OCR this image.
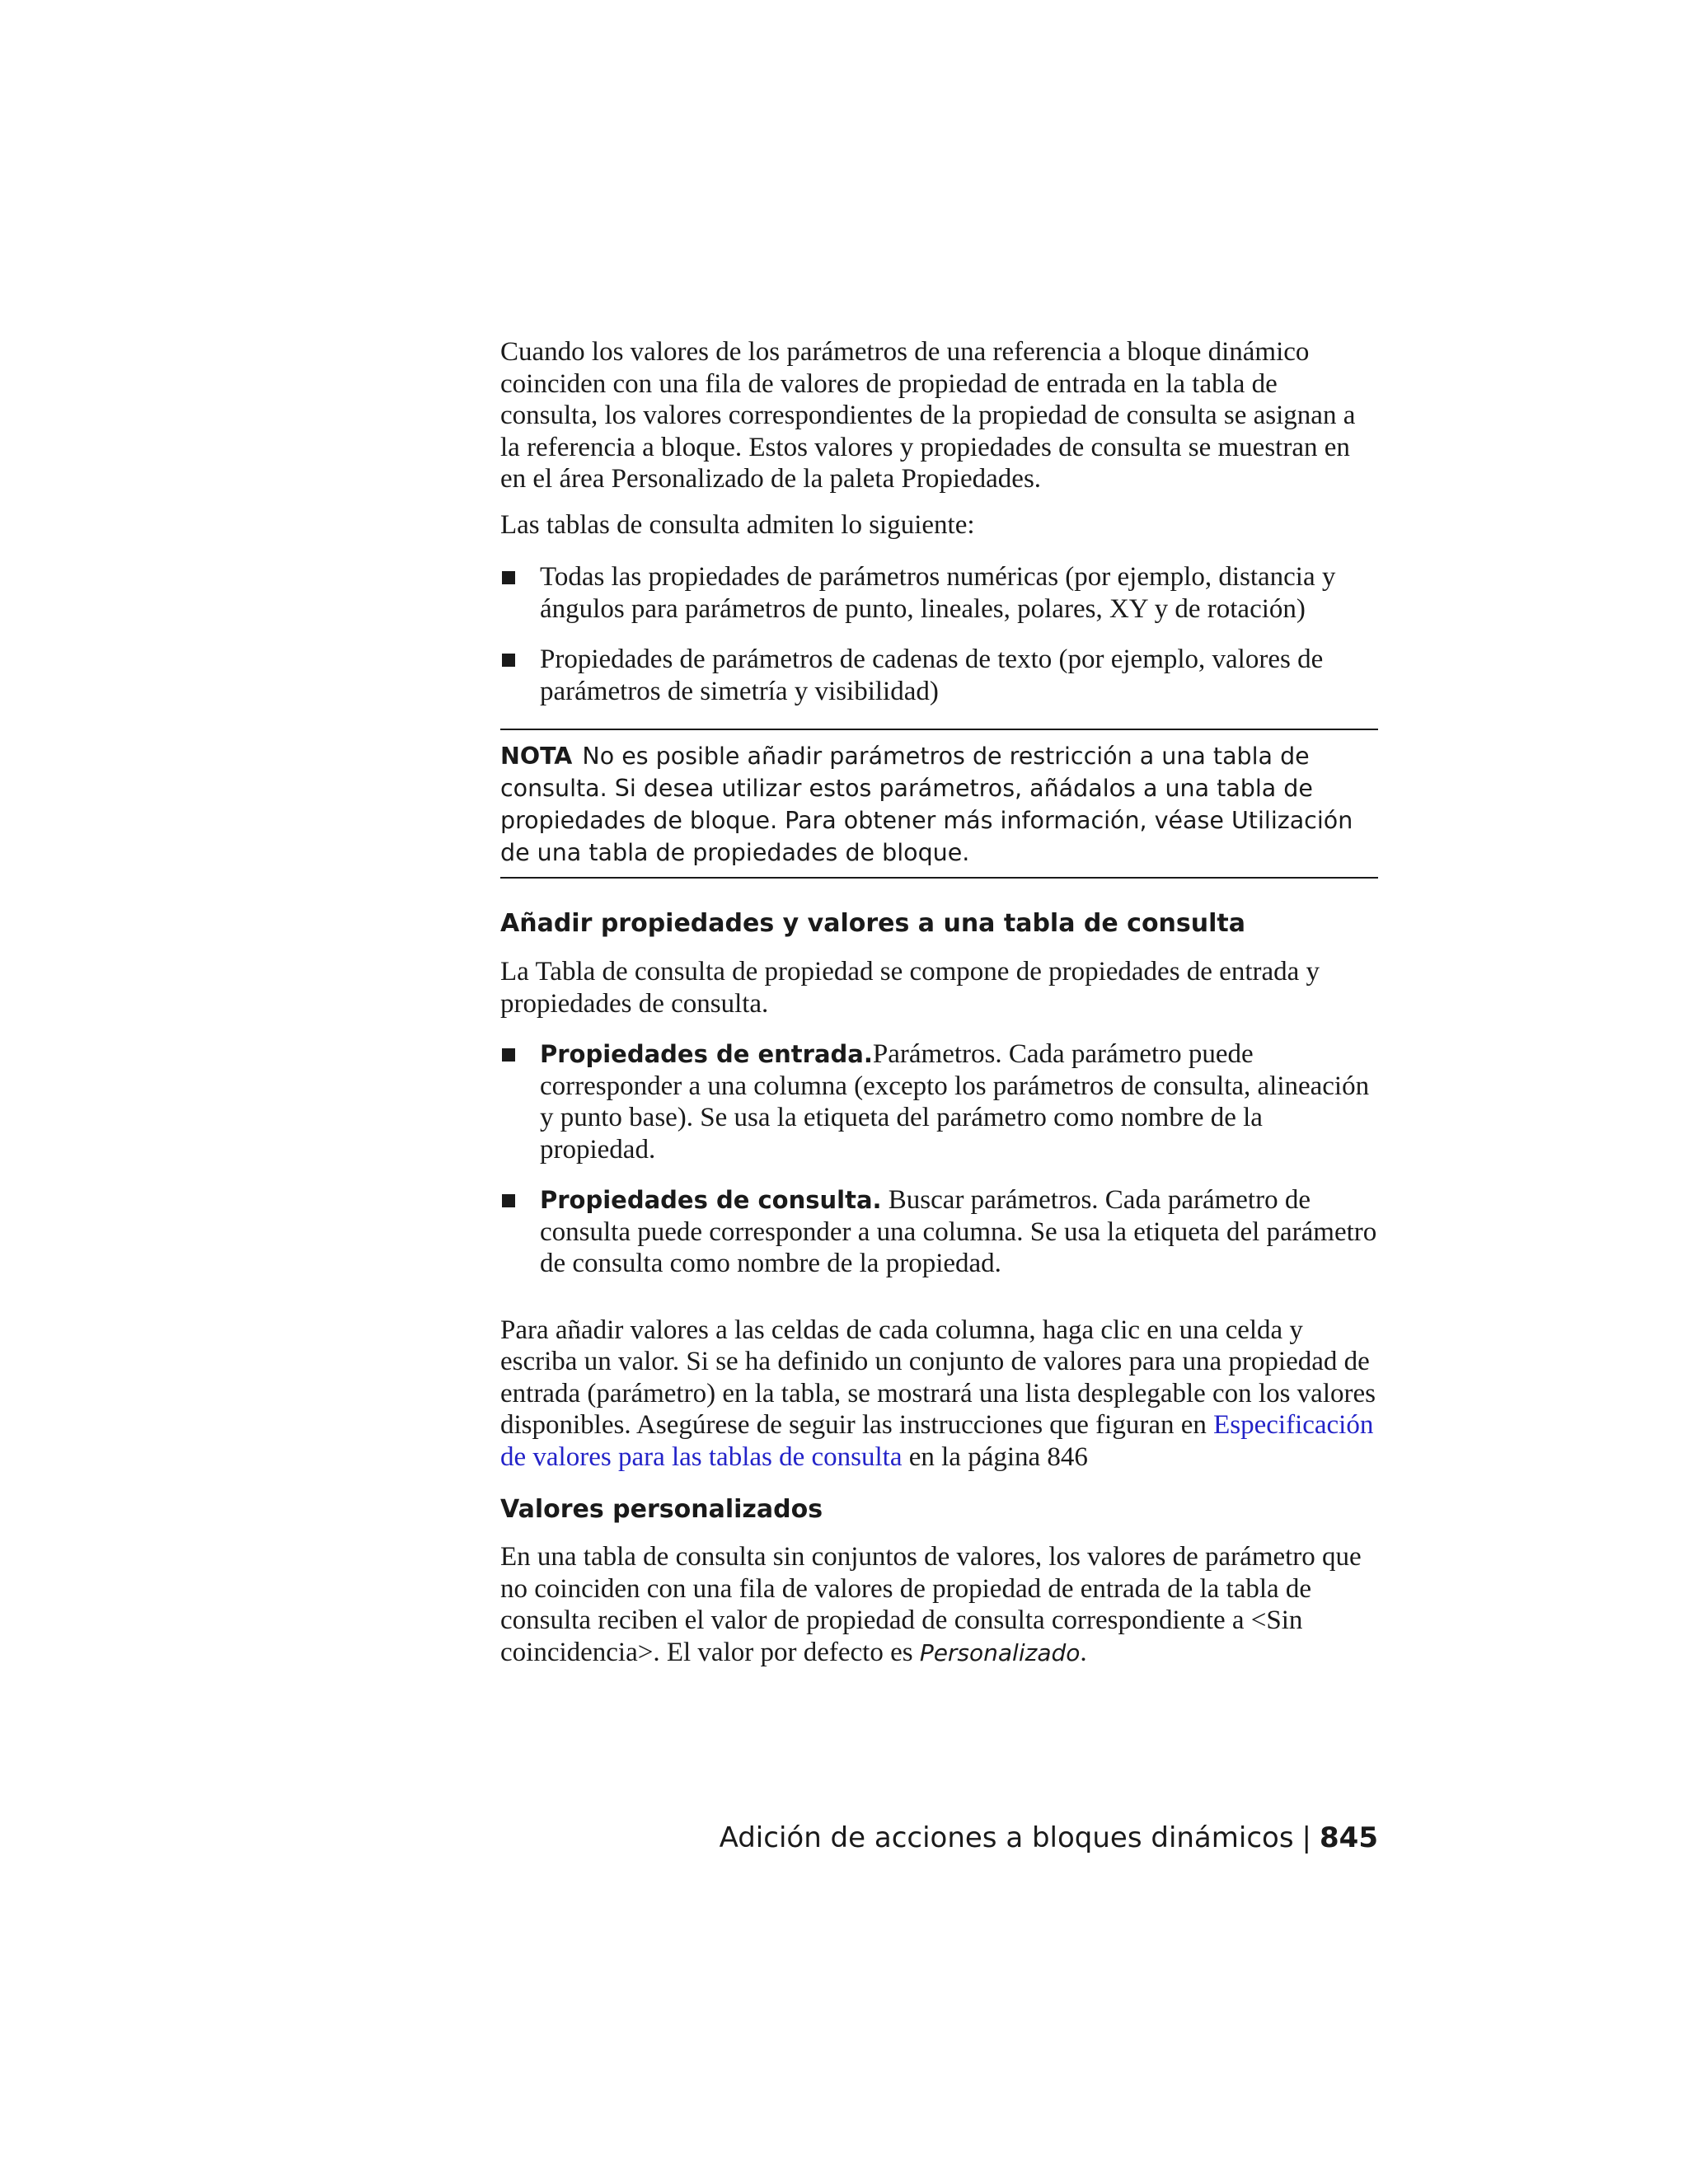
Cuando los valores de los parámetros de una referencia a bloque dinámico coinciden con una fila de valores de propiedad de entrada en la tabla de consulta, los valores correspondientes de la propiedad de consulta se asignan a la referencia a bloque. Estos valores y propiedades de consulta se muestran en en el área Personalizado de la paleta Propiedades.

Las tablas de consulta admiten lo siguiente:

Todas las propiedades de parámetros numéricas (por ejemplo, distancia y ángulos para parámetros de punto, lineales, polares, XY y de rotación)
Propiedades de parámetros de cadenas de texto (por ejemplo, valores de parámetros de simetría y visibilidad)
NOTA No es posible añadir parámetros de restricción a una tabla de consulta. Si desea utilizar estos parámetros, añádalos a una tabla de propiedades de bloque. Para obtener más información, véase Utilización de una tabla de propiedades de bloque.
Añadir propiedades y valores a una tabla de consulta

La Tabla de consulta de propiedad se compone de propiedades de entrada y propiedades de consulta.

Propiedades de entrada.Parámetros. Cada parámetro puede corresponder a una columna (excepto los parámetros de consulta, alineación y punto base). Se usa la etiqueta del parámetro como nombre de la propiedad.
Propiedades de consulta. Buscar parámetros. Cada parámetro de consulta puede corresponder a una columna. Se usa la etiqueta del parámetro de consulta como nombre de la propiedad.

Para añadir valores a las celdas de cada columna, haga clic en una celda y escriba un valor. Si se ha definido un conjunto de valores para una propiedad de entrada (parámetro) en la tabla, se mostrará una lista desplegable con los valores disponibles. Asegúrese de seguir las instrucciones que figuran en Especificación de valores para las tablas de consulta en la página 846

Valores personalizados

En una tabla de consulta sin conjuntos de valores, los valores de parámetro que no coinciden con una fila de valores de propiedad de entrada de la tabla de consulta reciben el valor de propiedad de consulta correspondiente a <Sin coincidencia>. El valor por defecto es Personalizado.

Adición de acciones a bloques dinámicos | 845
